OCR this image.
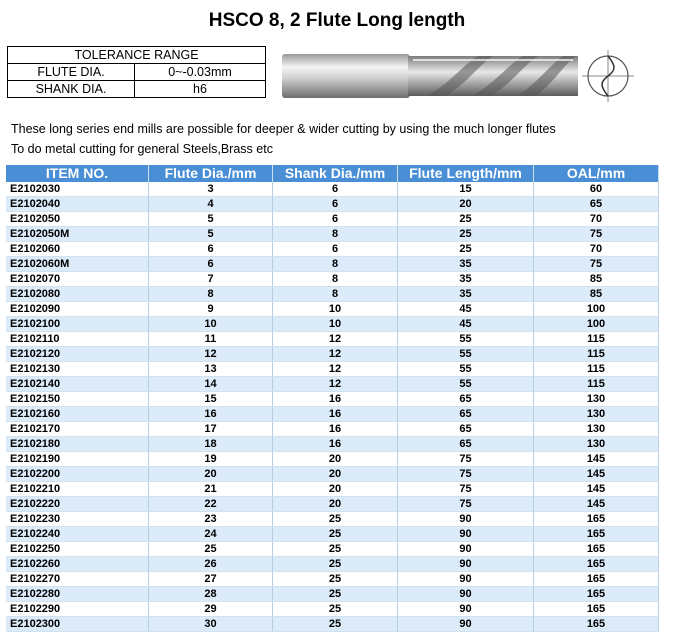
HSCO 8, 2 Flute Long length
TOLERANCE RANGE	
FLUTE DIA.	0~-0.03mm
SHANK DIA.	h6
These long series end mills are possible for deeper & wider cutting by using the much longer flutes
To do metal cutting for general Steels,Brass etc
ITEM NO.	Flute Dia./mm	Shank Dia./mm	Flute Length/mm	OAL/mm
E2102030	3	6	15	60
E2102040	4	6	20	65
E2102050	5	6	25	70
E2102050M	5	8	25	75
E2102060	6	6	25	70
E2102060M	6	8	35	75
E2102070	7	8	35	85
E2102080	8	8	35	85
E2102090	9	10	45	100
E2102100	10	10	45	100
E2102110	11	12	55	115
E2102120	12	12	55	115
E2102130	13	12	55	115
E2102140	14	12	55	115
E2102150	15	16	65	130
E2102160	16	16	65	130
E2102170	17	16	65	130
E2102180	18	16	65	130
E2102190	19	20	75	145
E2102200	20	20	75	145
E2102210	21	20	75	145
E2102220	22	20	75	145
E2102230	23	25	90	165
E2102240	24	25	90	165
E2102250	25	25	90	165
E2102260	26	25	90	165
E2102270	27	25	90	165
E2102280	28	25	90	165
E2102290	29	25	90	165
E2102300	30	25	90	165
